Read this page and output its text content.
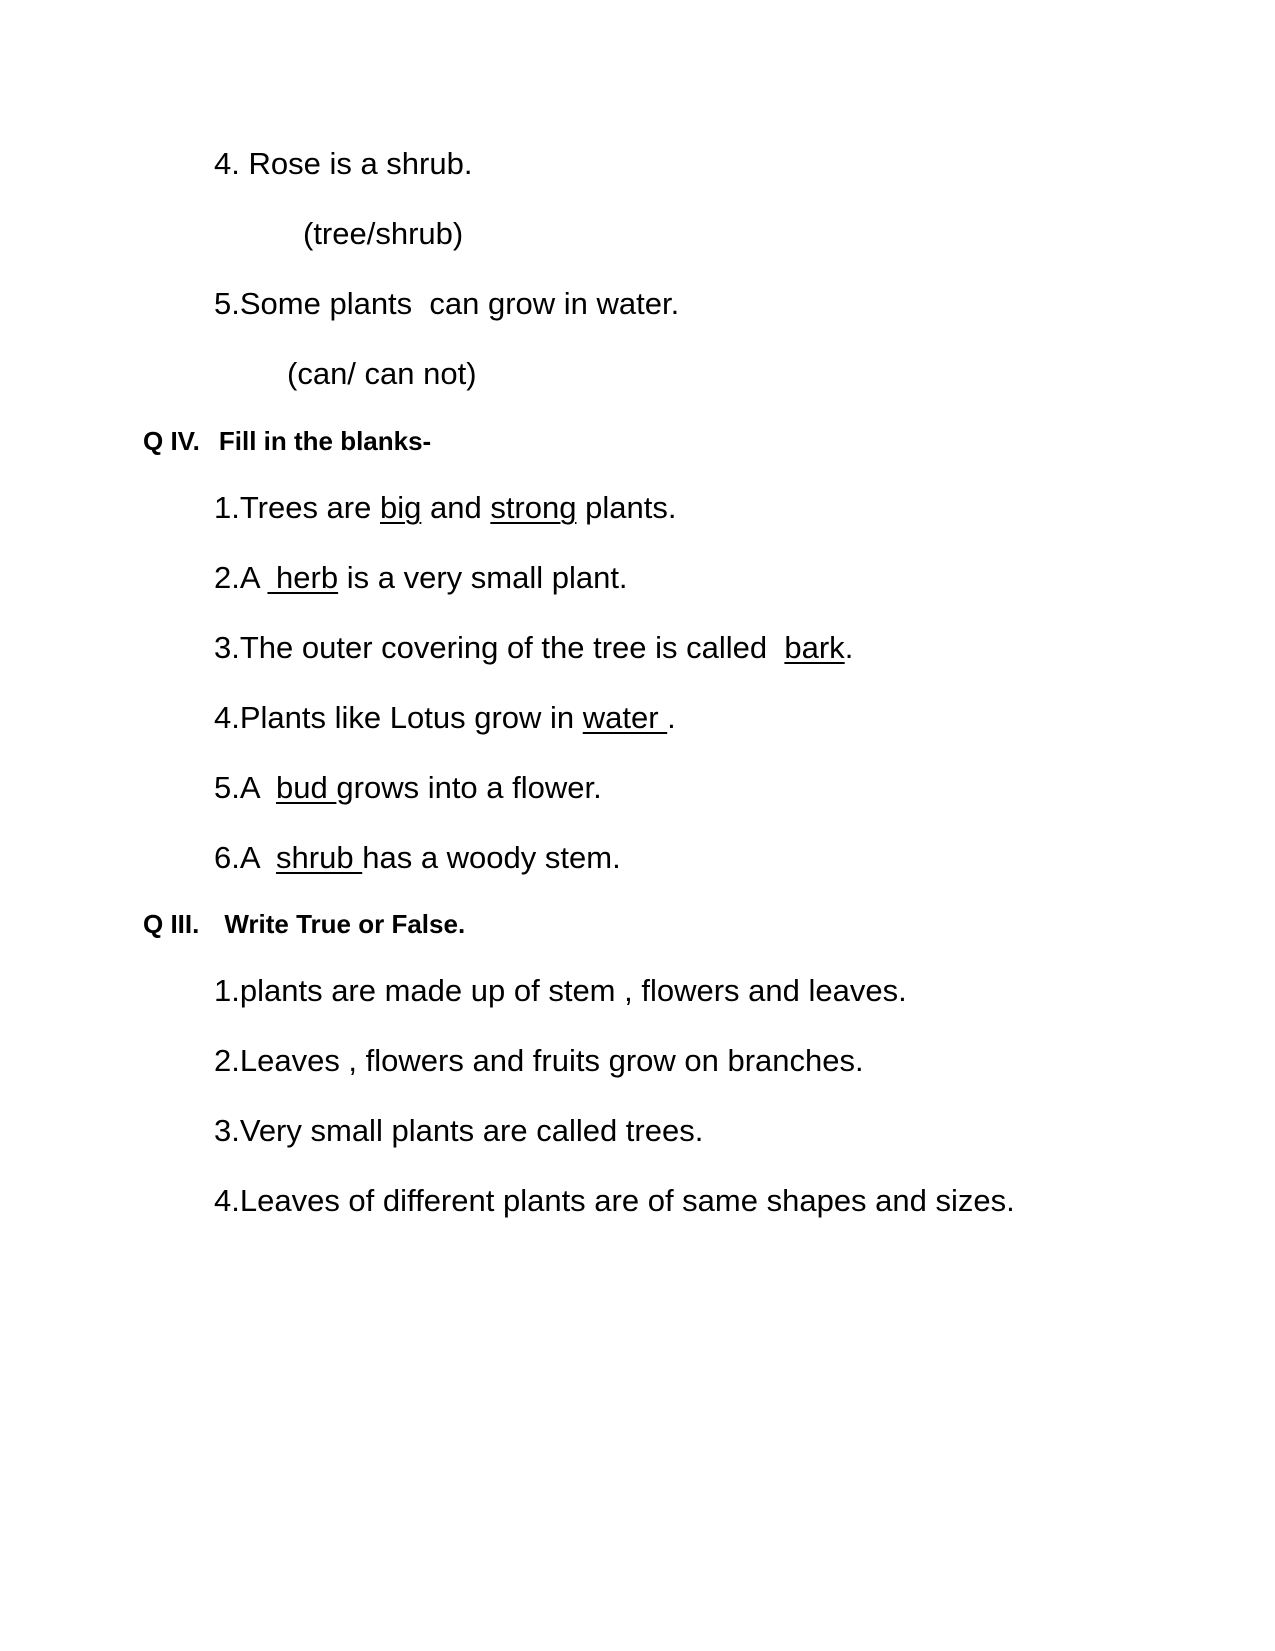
4. Rose is a shrub.
(tree/shrub)
5.Some plants  can grow in water.
(can/ can not)
Q IV. Fill in the blanks-
1.Trees are big and strong plants.
2.A  herb is a very small plant.
3.The outer covering of the tree is called  bark.
4.Plants like Lotus grow in water .
5.A  bud grows into a flower.
6.A  shrub has a woody stem.
Q III. Write True or False.
1.plants are made up of stem , flowers and leaves.
2.Leaves , flowers and fruits grow on branches.
3.Very small plants are called trees.
4.Leaves of different plants are of same shapes and sizes.
